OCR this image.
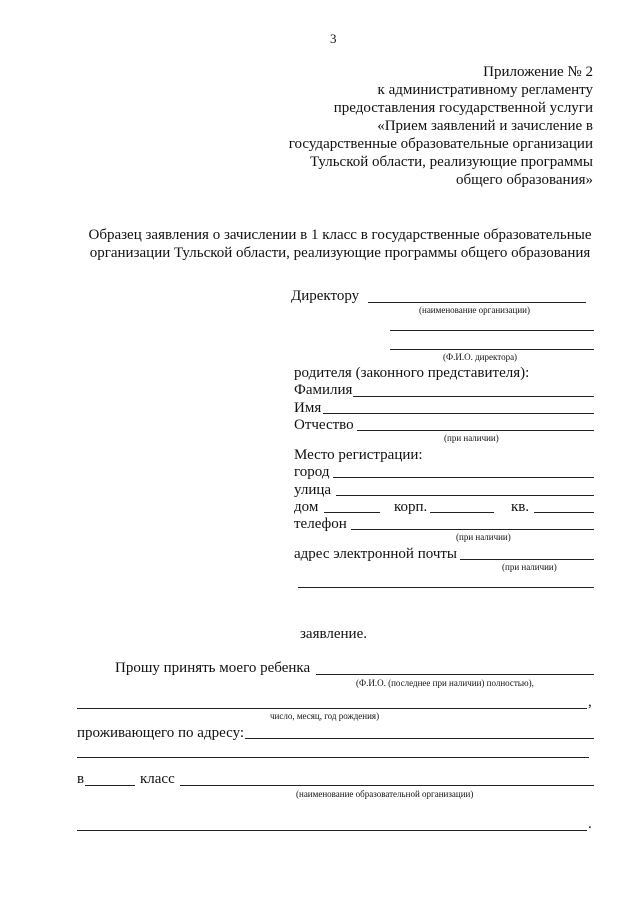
3
Приложение № 2
к административному регламенту
предоставления государственной услуги
«Прием заявлений и зачисление в
государственные образовательные организации
Тульской области, реализующие программы
общего образования»
Образец заявления о зачислении в 1 класс в государственные образовательные
организации Тульской области, реализующие программы общего образования
Директору
(наименование организации)
(Ф.И.О. директора)
родителя (законного представителя):
Фамилия
Имя
Отчество
(при наличии)
Место регистрации:
город
улица
дом	корп.	кв.
телефон
(при наличии)
адрес электронной почты
(при наличии)
заявление.
Прошу принять моего ребенка
(Ф.И.О. (последнее при наличии) полностью),
,
число, месяц, год рождения)
проживающего по адресу:
в	класс
(наименование образовательной организации)
.
